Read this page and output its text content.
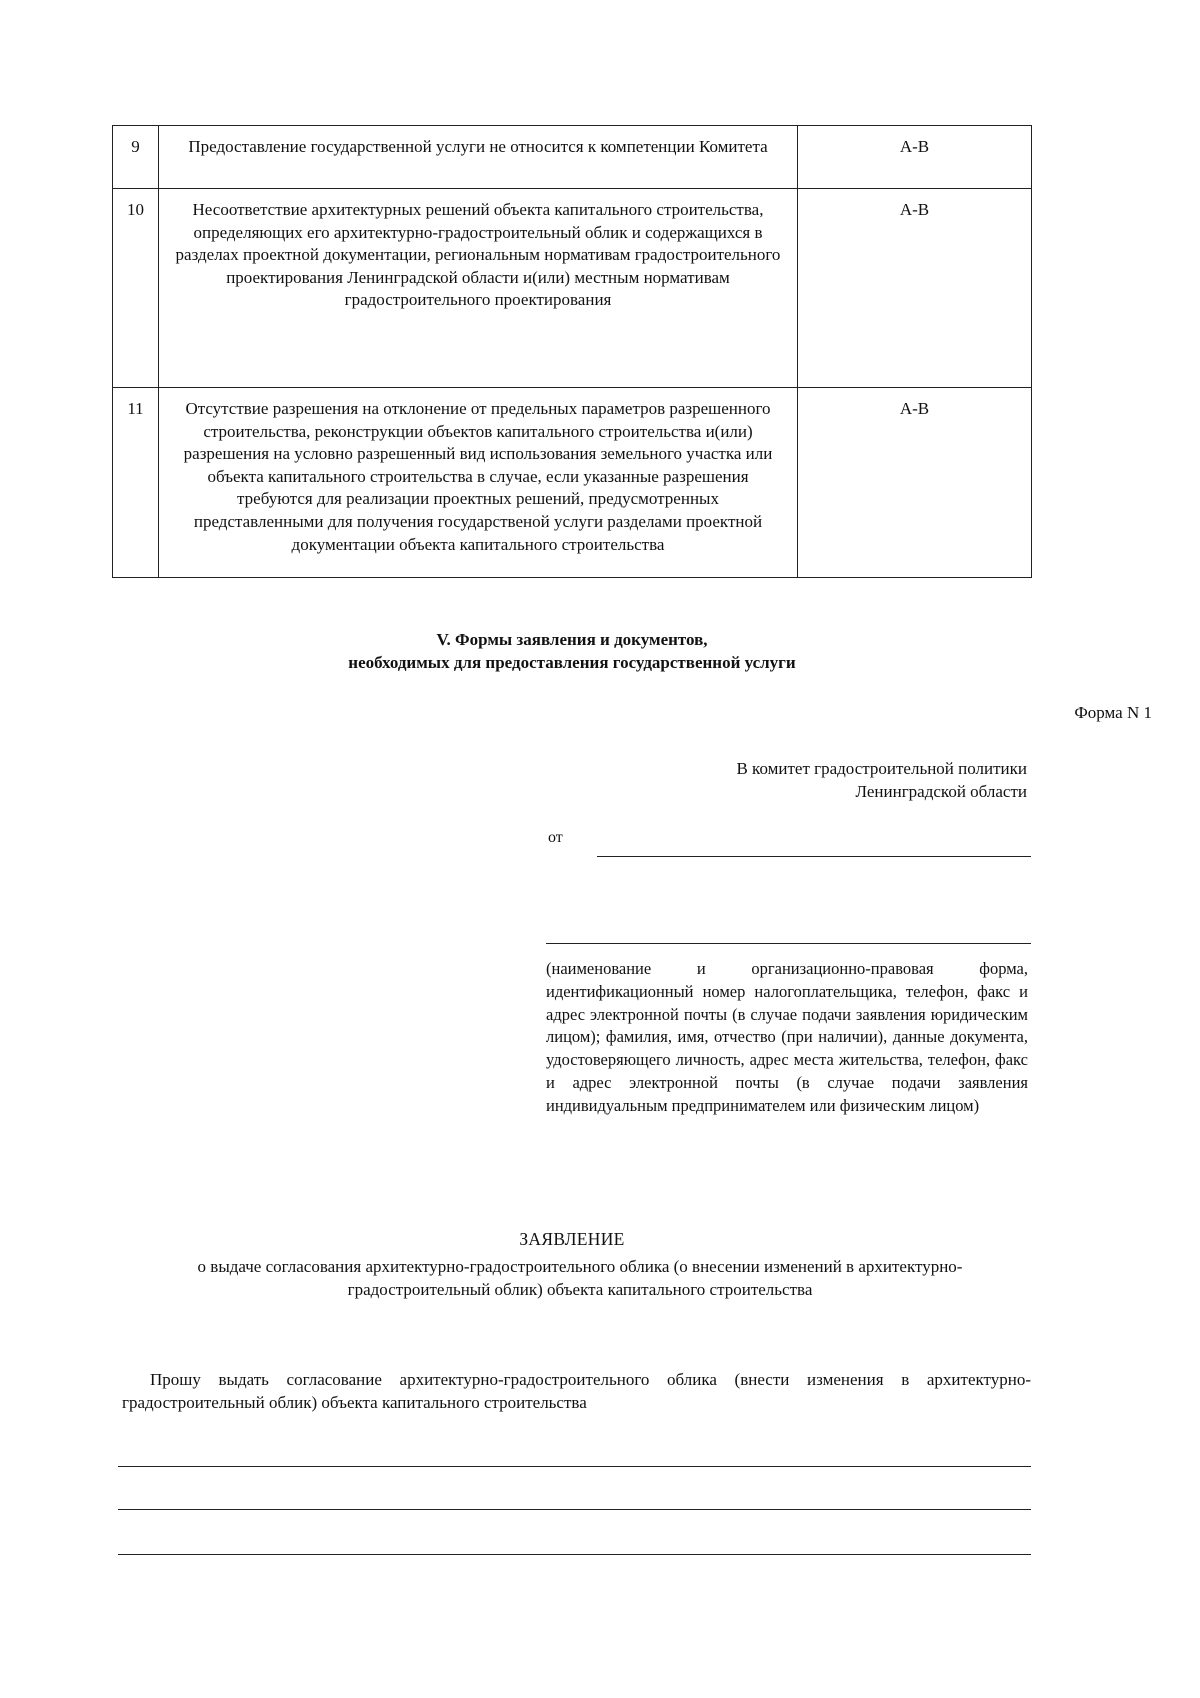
9	Предоставление государственной услуги не относится к компетенции Комитета	А-В
10	Несоответствие архитектурных решений объекта капитального строительства, определяющих его архитектурно-градостроительный облик и содержащихся в разделах проектной документации, региональным нормативам градостроительного проектирования Ленинградской области и(или) местным нормативам градостроительного проектирования	А-В
11	Отсутствие разрешения на отклонение от предельных параметров разрешенного строительства, реконструкции объектов капитального строительства и(или) разрешения на условно разрешенный вид использования земельного участка или объекта капитального строительства в случае, если указанные разрешения требуются для реализации проектных решений, предусмотренных представленными для получения государственой услуги разделами проектной документации объекта капитального строительства	А-В
V. Формы заявления и документов,
необходимых для предоставления государственной услуги
Форма N 1
В комитет градостроительной политики
Ленинградской области
от
(наименование и организационно-правовая форма, идентификационный номер налогоплательщика, телефон, факс и адрес электронной почты (в случае подачи заявления юридическим лицом); фамилия, имя, отчество (при наличии), данные документа, удостоверяющего личность, адрес места жительства, телефон, факс и адрес электронной почты (в случае подачи заявления индивидуальным предпринимателем или физическим лицом)
ЗАЯВЛЕНИЕ
о выдаче согласования архитектурно-градостроительного облика (о внесении изменений в архитектурно-градостроительный облик) объекта капитального строительства
Прошу выдать согласование архитектурно-градостроительного облика (внести изменения в архитектурно-градостроительный облик) объекта капитального строительства
